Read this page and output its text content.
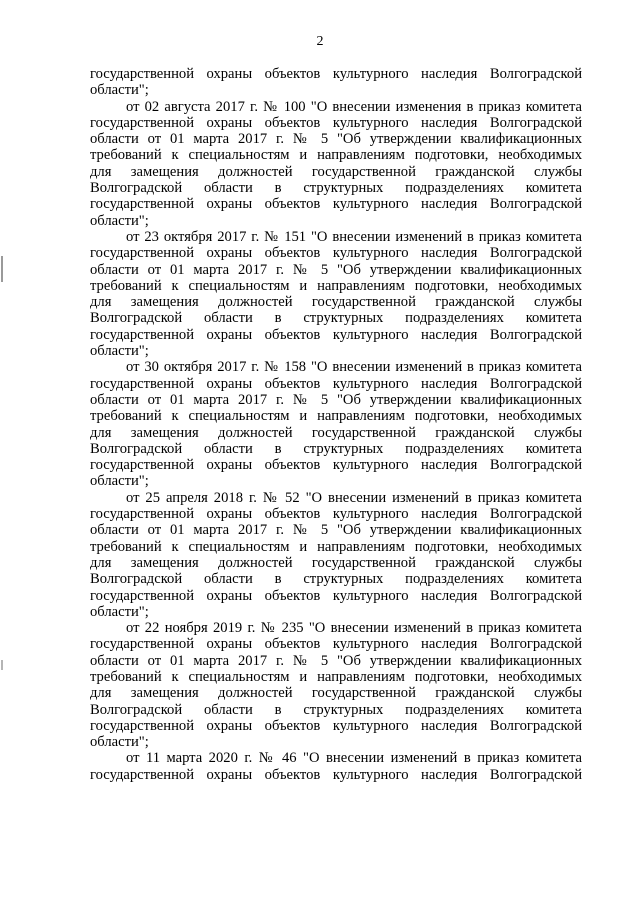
2
государственной охраны объектов культурного наследия Волгоградской
области";
от 02 августа 2017 г. № 100 "О внесении изменения в приказ комитета
государственной охраны объектов культурного наследия Волгоградской
области от 01 марта 2017 г. № 5 "Об утверждении квалификационных
требований к специальностям и направлениям подготовки, необходимых
для замещения должностей государственной гражданской службы
Волгоградской области в структурных подразделениях комитета
государственной охраны объектов культурного наследия Волгоградской
области";
от 23 октября 2017 г. № 151 "О внесении изменений в приказ комитета
государственной охраны объектов культурного наследия Волгоградской
области от 01 марта 2017 г. № 5 "Об утверждении квалификационных
требований к специальностям и направлениям подготовки, необходимых
для замещения должностей государственной гражданской службы
Волгоградской области в структурных подразделениях комитета
государственной охраны объектов культурного наследия Волгоградской
области";
от 30 октября 2017 г. № 158 "О внесении изменений в приказ комитета
государственной охраны объектов культурного наследия Волгоградской
области от 01 марта 2017 г. № 5 "Об утверждении квалификационных
требований к специальностям и направлениям подготовки, необходимых
для замещения должностей государственной гражданской службы
Волгоградской области в структурных подразделениях комитета
государственной охраны объектов культурного наследия Волгоградской
области";
от 25 апреля 2018 г. № 52 "О внесении изменений в приказ комитета
государственной охраны объектов культурного наследия Волгоградской
области от 01 марта 2017 г. № 5 "Об утверждении квалификационных
требований к специальностям и направлениям подготовки, необходимых
для замещения должностей государственной гражданской службы
Волгоградской области в структурных подразделениях комитета
государственной охраны объектов культурного наследия Волгоградской
области";
от 22 ноября 2019 г. № 235 "О внесении изменений в приказ комитета
государственной охраны объектов культурного наследия Волгоградской
области от 01 марта 2017 г. № 5 "Об утверждении квалификационных
требований к специальностям и направлениям подготовки, необходимых
для замещения должностей государственной гражданской службы
Волгоградской области в структурных подразделениях комитета
государственной охраны объектов культурного наследия Волгоградской
области";
от 11 марта 2020 г. № 46 "О внесении изменений в приказ комитета
государственной охраны объектов культурного наследия Волгоградской
